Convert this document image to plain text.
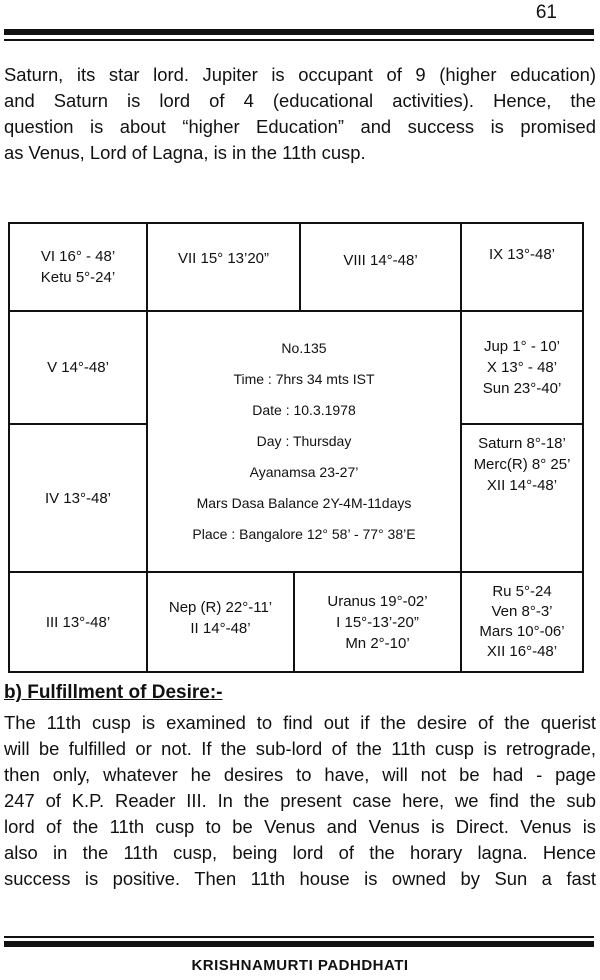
61
Saturn, its star lord. Jupiter is occupant of 9 (higher education)
and Saturn is lord of 4 (educational activities). Hence, the
question is about “higher Education” and success is promised
as Venus, Lord of Lagna, is in the 11th cusp.
VI 16° - 48’
Ketu 5°-24’
VII 15° 13’20”	VIII 14°-48’	IX 13°-48’
V 14°-48’
IV 13°-48’
No.135
Time : 7hrs 34 mts IST
Date : 10.3.1978
Day : Thursday
Ayanamsa 23-27’
Mars Dasa Balance 2Y-4M-11days
Place : Bangalore 12° 58’ - 77° 38’E
Jup 1° - 10’
X 13° - 48’
Sun 23°-40’
Saturn 8°-18’
Merc(R) 8° 25’
XII 14°-48’
III 13°-48’
Nep (R) 22°-11’
II 14°-48’
Uranus 19°-02’
I 15°-13’-20”
Mn 2°-10’
Ru 5°-24
Ven 8°-3’
Mars 10°-06’
XII 16°-48’
b) Fulfillment of Desire:-
The 11th cusp is examined to find out if the desire of the querist
will be fulfilled or not. If the sub-lord of the 11th cusp is retrograde,
then only, whatever he desires to have, will not be had - page
247 of K.P. Reader III. In the present case here, we find the sub
lord of the 11th cusp to be Venus and Venus is Direct. Venus is
also in the 11th cusp, being lord of the horary lagna. Hence
success is positive. Then 11th house is owned by Sun a fast
KRISHNAMURTI PADHDHATI
